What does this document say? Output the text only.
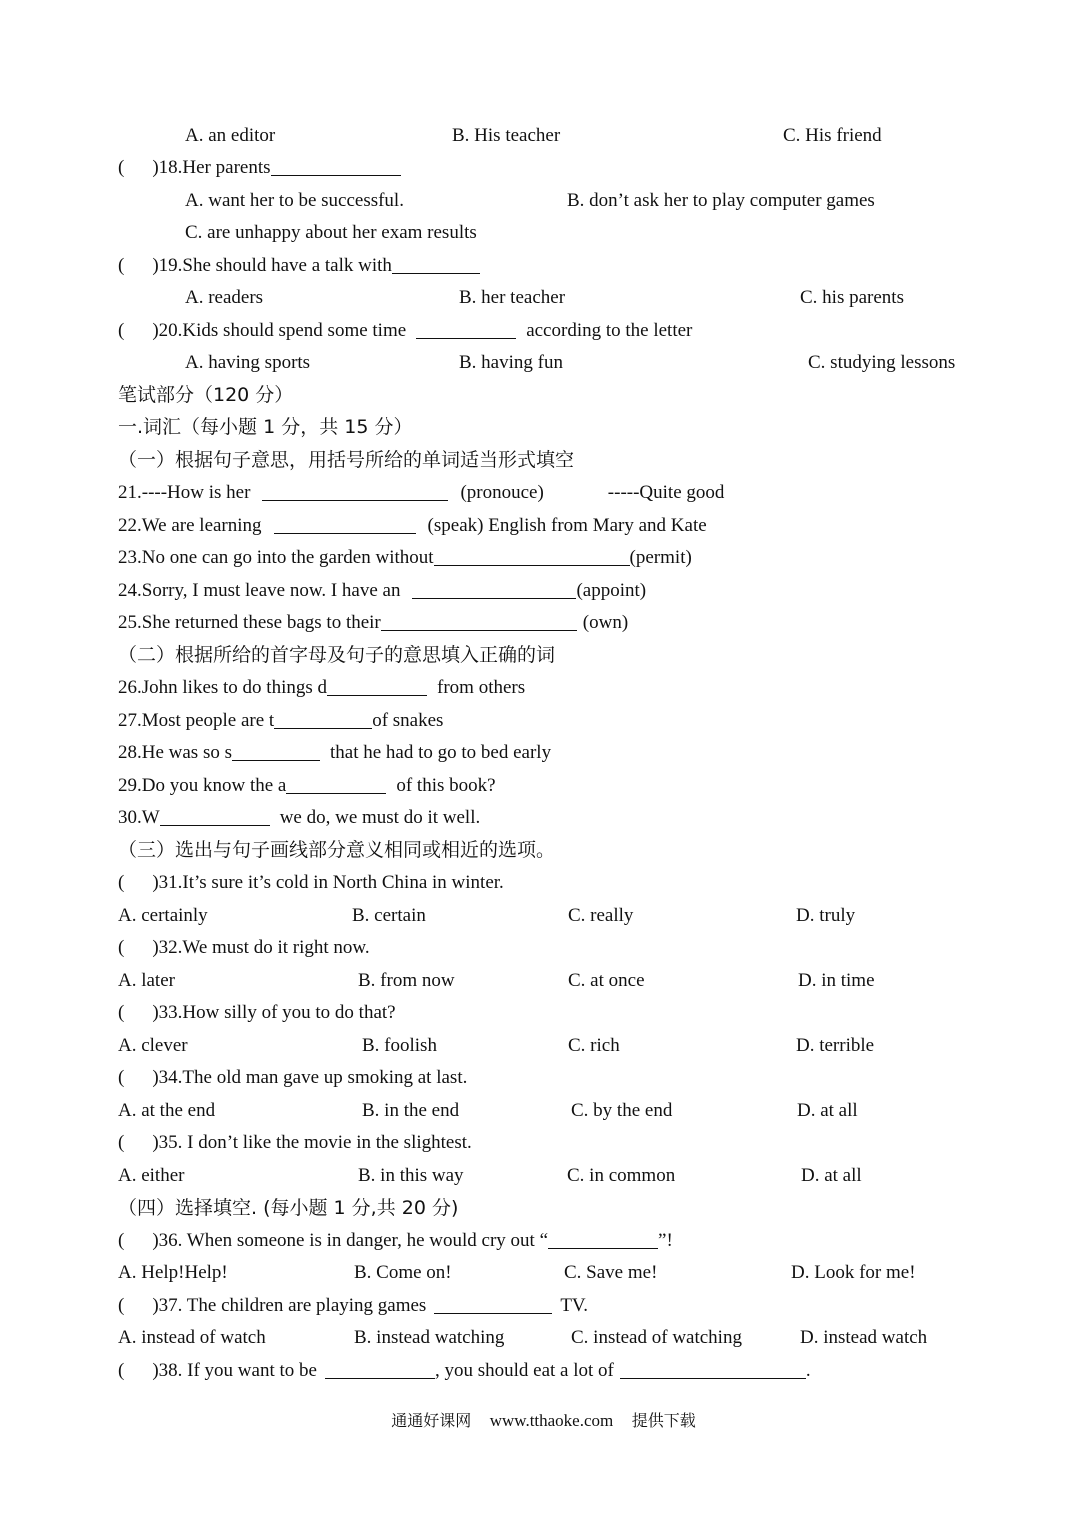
A. an editor	B. His teacher	C. His friend
( )18.Her parents
A. want her to be successful.	B. don’t ask her to play computer games
C. are unhappy about her exam results
( )19.She should have a talk with
A. readers	B. her teacher	C. his parents
( )20.Kids should spend some time	according to the letter
A. having sports	B. having fun	C. studying lessons
笔试部分（120 分）
一.词汇（每小题 1 分，共 15 分）
（一）根据句子意思，用括号所给的单词适当形式填空
21.----How is her	(pronouce)	-----Quite good
22.We are learning	(speak) English from Mary and Kate
23.No one can go into the garden without	(permit)
24.Sorry, I must leave now. I have an	(appoint)
25.She returned these bags to their	(own)
（二）根据所给的首字母及句子的意思填入正确的词
26.John likes to do things d	from others
27.Most people are t	of snakes
28.He was so s	that he had to go to bed early
29.Do you know the a	of this book?
30.W	we do, we must do it well.
（三）选出与句子画线部分意义相同或相近的选项。
( )31.It’s sure it’s cold in North China in winter.
A. certainly	B. certain	C. really	D. truly
( )32.We must do it right now.
A. later	B. from now	C. at once	D. in time
( )33.How silly of you to do that?
A. clever	B. foolish	C. rich	D. terrible
( )34.The old man gave up smoking at last.
A. at the end	B. in the end	C. by the end	D. at all
( )35. I don’t like the movie in the slightest.
A. either	B. in this way	C. in common	D. at all
（四）选择填空. (每小题 1 分,共 20 分)
( )36. When someone is in danger, he would cry out “	”!
A. Help!Help!	B. Come on!	C. Save me!	D. Look for me!
( )37. The children are playing games	TV.
A. instead of watch	B. instead watching	C. instead of watching	D. instead watch
( )38. If you want to be	, you should eat a lot of	.
通通好课网 www.tthaoke.com 提供下载
